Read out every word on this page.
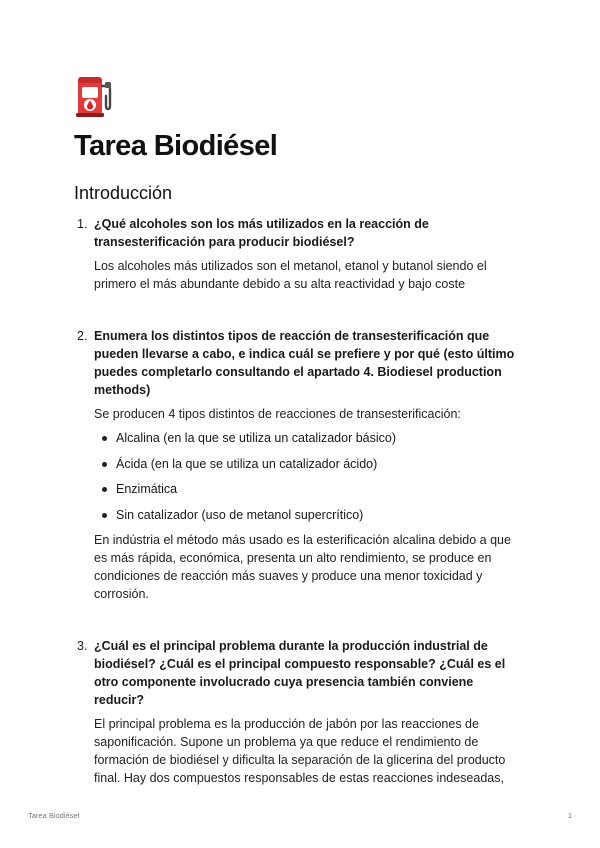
Tarea Biodiésel
Introducción
1. ¿Qué alcoholes son los más utilizados en la reacción de transesterificación para producir biodiésel?

Los alcoholes más utilizados son el metanol, etanol y butanol siendo el primero el más abundante debido a su alta reactividad y bajo coste

2. Enumera los distintos tipos de reacción de transesterificación que pueden llevarse a cabo, e indica cuál se prefiere y por qué (esto último puedes completarlo consultando el apartado 4. Biodiesel production methods)

Se producen 4 tipos distintos de reacciones de transesterificación:

Alcalina (en la que se utiliza un catalizador básico)
Ácida (en la que se utiliza un catalizador ácido)
Enzimática
Sin catalizador (uso de metanol supercrítico)

En indústria el método más usado es la esterificación alcalina debido a que es más rápida, económica, presenta un alto rendimiento, se produce en condiciones de reacción más suaves y produce una menor toxicidad y corrosión.

3. ¿Cuál es el principal problema durante la producción industrial de biodiésel? ¿Cuál es el principal compuesto responsable? ¿Cuál es el otro componente involucrado cuya presencia también conviene reducir?

El principal problema es la producción de jabón por las reacciones de saponificación. Supone un problema ya que reduce el rendimiento de formación de biodiésel y dificulta la separación de la glicerina del producto final. Hay dos compuestos responsables de estas reacciones indeseadas,

Tarea Biodiésel	1
